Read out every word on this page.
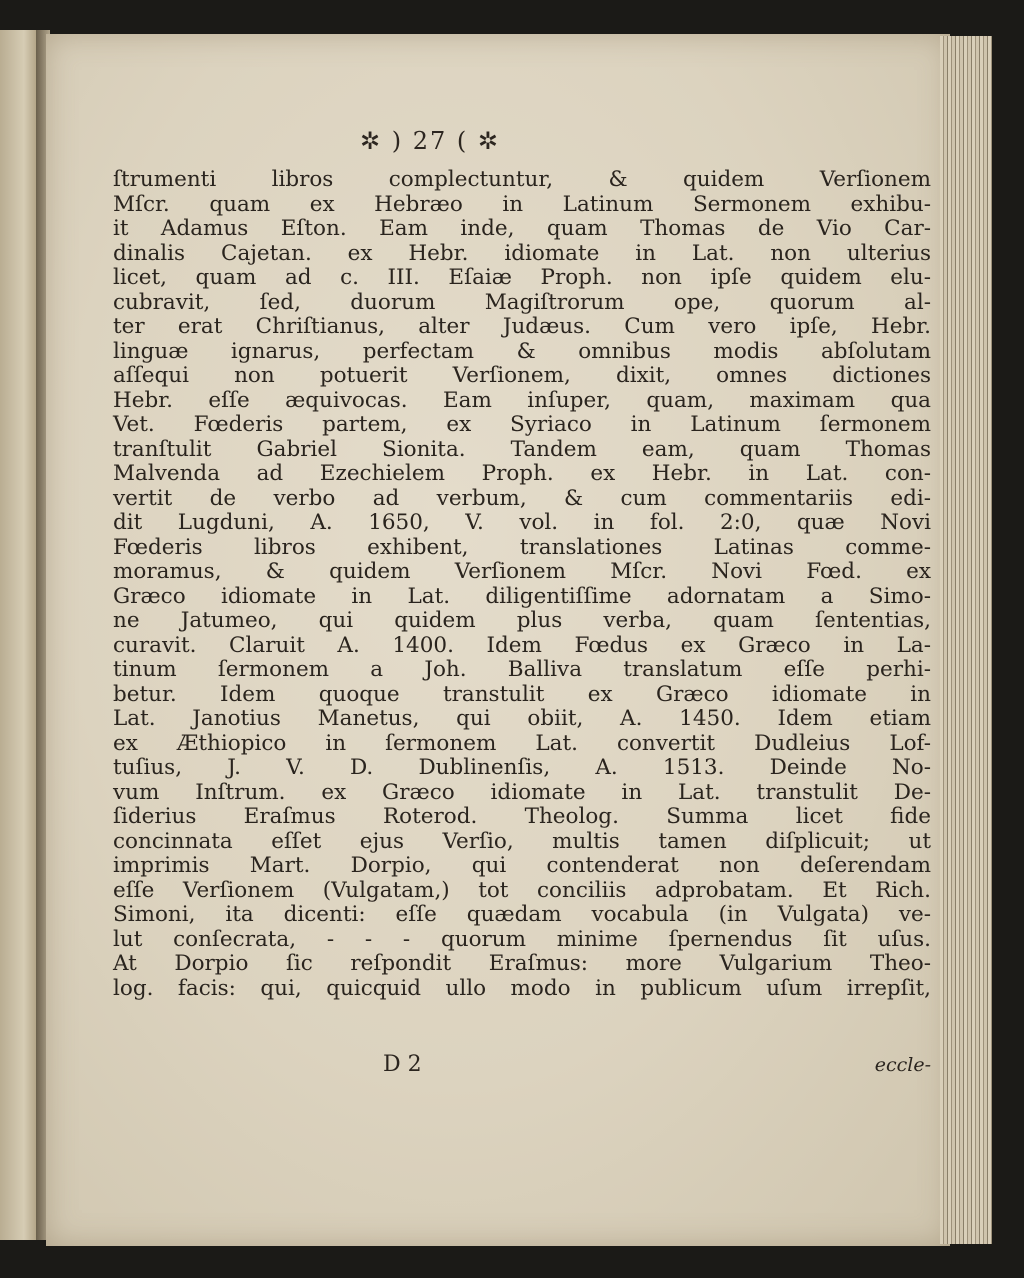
✲ ) 27 ( ✲
ſtrumenti libros complectuntur, & quidem Verſionem
Mſcr. quam ex Hebræo in Latinum Sermonem exhibu-
it Adamus Eſton. Eam inde, quam Thomas de Vio Car-
dinalis Cajetan. ex Hebr. idiomate in Lat. non ulterius
licet, quam ad c. III. Eſaiæ Proph. non ipſe quidem elu-
cubravit, ſed, duorum Magiſtrorum ope, quorum al-
ter erat Chriſtianus, alter Judæus. Cum vero ipſe, Hebr.
linguæ ignarus, perfectam & omnibus modis abſolutam
aſſequi non potuerit Verſionem, dixit, omnes dictiones
Hebr. eſſe æquivocas. Eam inſuper, quam, maximam qua
Vet. Fœderis partem, ex Syriaco in Latinum ſermonem
tranſtulit Gabriel Sionita. Tandem eam, quam Thomas
Malvenda ad Ezechielem Proph. ex Hebr. in Lat. con-
vertit de verbo ad verbum, & cum commentariis edi-
dit Lugduni, A. 1650, V. vol. in fol. 2:0, quæ Novi
Fœderis libros exhibent, translationes Latinas comme-
moramus, & quidem Verſionem Mſcr. Novi Fœd. ex
Græco idiomate in Lat. diligentiſſime adornatam a Simo-
ne Jatumeo, qui quidem plus verba, quam ſententias,
curavit. Claruit A. 1400. Idem Fœdus ex Græco in La-
tinum ſermonem a Joh. Balliva translatum eſſe perhi-
betur. Idem quoque transtulit ex Græco idiomate in
Lat. Janotius Manetus, qui obiit, A. 1450. Idem etiam
ex Æthiopico in ſermonem Lat. convertit Dudleius Lof-
tuſius, J. V. D. Dublinenſis, A. 1513. Deinde No-
vum Inſtrum. ex Græco idiomate in Lat. transtulit De-
ſiderius Eraſmus Roterod. Theolog. Summa licet fide
concinnata eſſet ejus Verſio, multis tamen diſplicuit; ut
imprimis Mart. Dorpio, qui contenderat non deſerendam
eſſe Verſionem (Vulgatam,) tot conciliis adprobatam. Et Rich.
Simoni, ita dicenti: eſſe quædam vocabula (in Vulgata) ve-
lut conſecrata, - - - quorum minime ſpernendus ſit uſus.
At Dorpio ſic reſpondit Eraſmus: more Vulgarium Theo-
log. facis: qui, quicquid ullo modo in publicum uſum irrepſit,
D 2	eccle-
